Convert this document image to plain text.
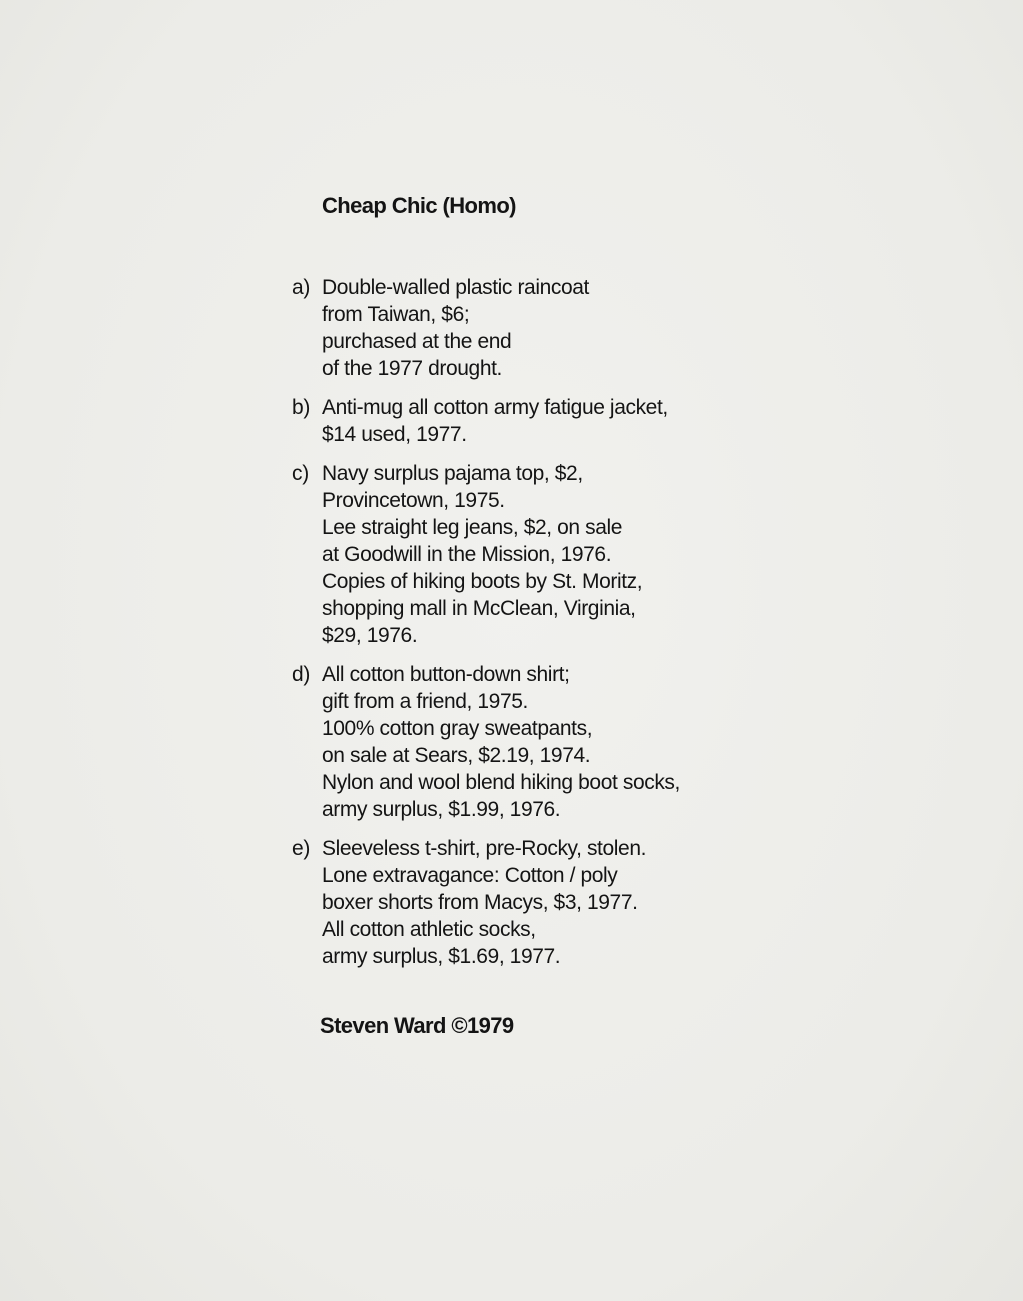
Cheap Chic (Homo)
a) Double-walled plastic raincoat
from Taiwan, $6;
purchased at the end
of the 1977 drought.
b) Anti-mug all cotton army fatigue jacket,
$14 used, 1977.
c) Navy surplus pajama top, $2,
Provincetown, 1975.
Lee straight leg jeans, $2, on sale
at Goodwill in the Mission, 1976.
Copies of hiking boots by St. Moritz,
shopping mall in McClean, Virginia,
$29, 1976.
d) All cotton button-down shirt;
gift from a friend, 1975.
100% cotton gray sweatpants,
on sale at Sears, $2.19, 1974.
Nylon and wool blend hiking boot socks,
army surplus, $1.99, 1976.
e) Sleeveless t-shirt, pre-Rocky, stolen.
Lone extravagance: Cotton / poly
boxer shorts from Macys, $3, 1977.
All cotton athletic socks,
army surplus, $1.69, 1977.

Steven Ward ©1979
